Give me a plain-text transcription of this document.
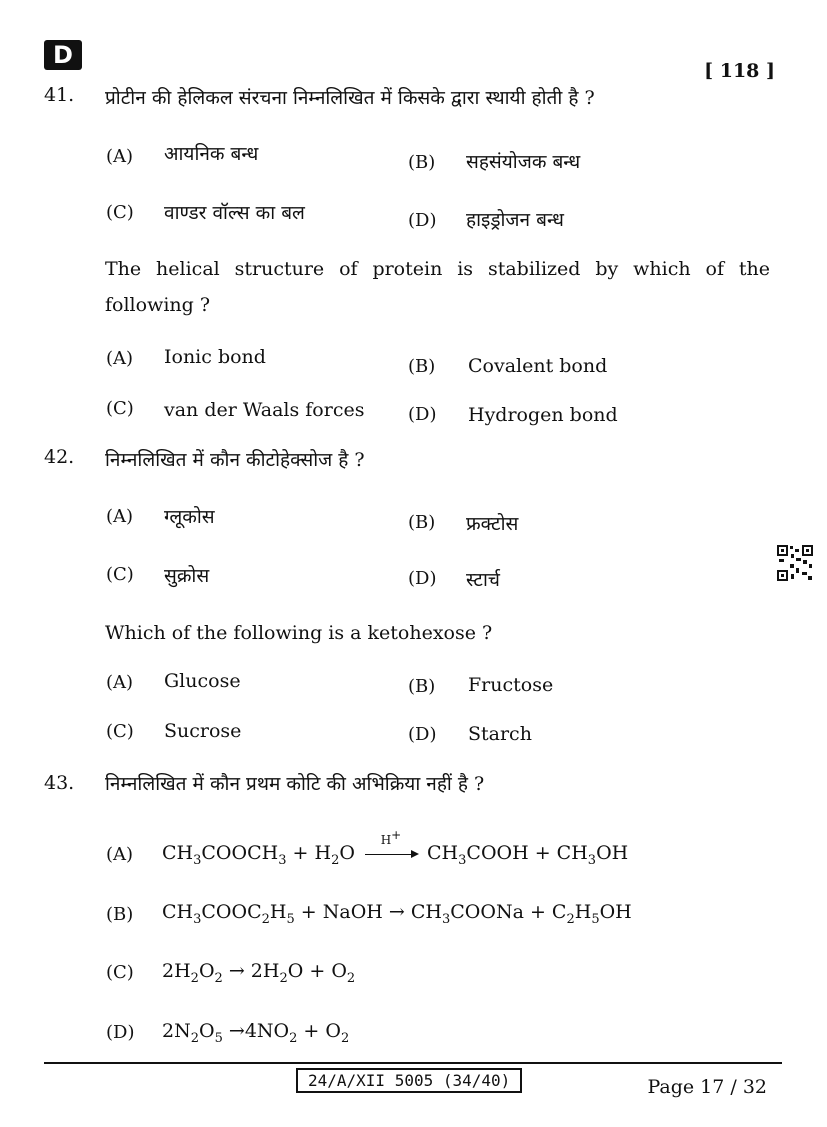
D
[ 118 ]
41. प्रोटीन की हेलिकल संरचना निम्नलिखित में किसके द्वारा स्थायी होती है ?
(A) आयनिक बन्ध	(B) सहसंयोजक बन्ध
(C) वाण्डर वॉल्स का बल	(D) हाइड्रोजन बन्ध
The helical structure of protein is stabilized by which of the
following ?
(A) Ionic bond	(B) Covalent bond
(C) van der Waals forces (D) Hydrogen bond
42. निम्नलिखित में कौन कीटोहेक्सोज है ?
(A) ग्लूकोस	(B) फ्रक्टोस
(C) सुक्रोस	(D) स्टार्च
Which of the following is a ketohexose ?
(A) Glucose	(B) Fructose
(C) Sucrose	(D) Starch
43. निम्नलिखित में कौन प्रथम कोटि की अभिक्रिया नहीं है ?
(A) $CH_3COOCH_3 + H_2O$
H+
$CH_3COOH + CH_3OH$
(B) $CH_3COOC_2H_5$ + NaOH → $CH_3COONa + C_2H_5OH$
(C) $2H_2O_2 \to 2H_2O + O_2$
(D) $2N_2O_5 \to 4NO_2 + O_2$
24/A/XII 5005 (34/40)	Page 17 / 32
